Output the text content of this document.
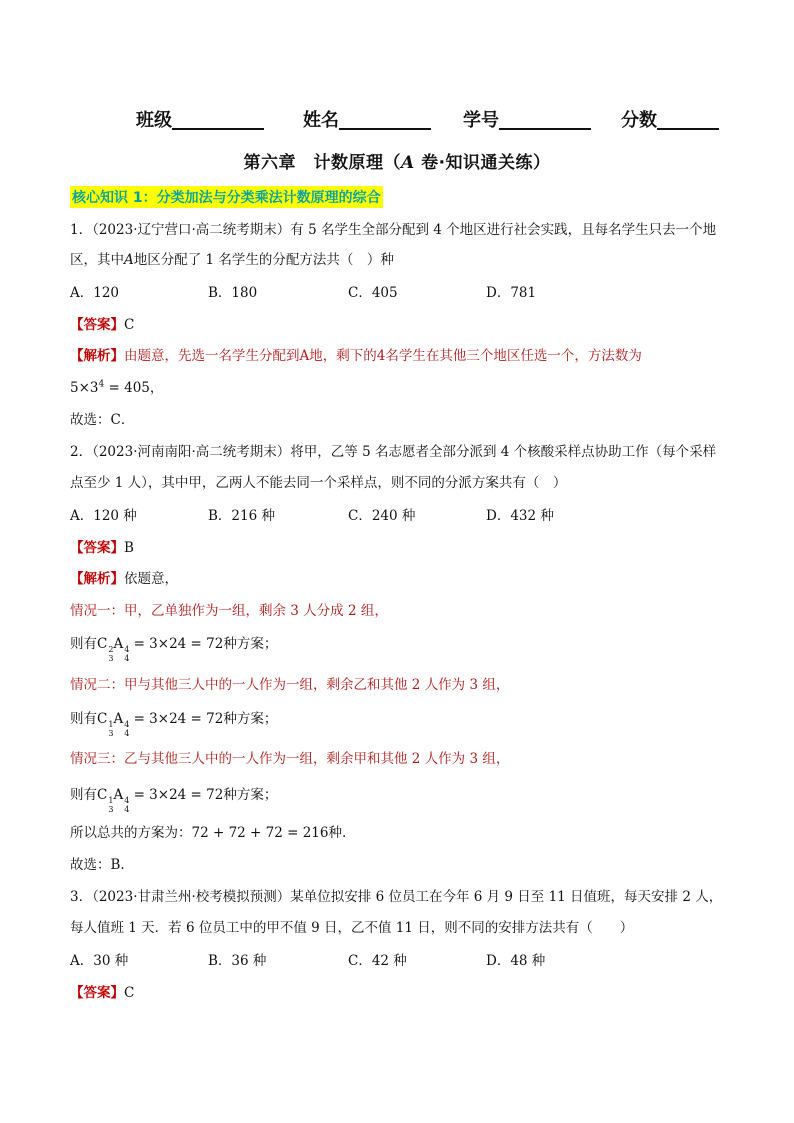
班级	姓名	学号	分数
第六章　计数原理（A 卷·知识通关练）
核心知识 1：分类加法与分类乘法计数原理的综合
1．（2023·辽宁营口·高二统考期末）有 5 名学生全部分配到 4 个地区进行社会实践，且每名学生只去一个地
区，其中A地区分配了 1 名学生的分配方法共（　）种
A．120	B．180	C．405	D．781
【答案】C
【解析】由题意，先选一名学生分配到A地，剩下的4名学生在其他三个地区任选一个，方法数为
$5\times 3^4 = 405$，
故选：C．
2．（2023·河南南阳·高二统考期末）将甲，乙等 5 名志愿者全部分派到 4 个核酸采样点协助工作（每个采样
点至少 1 人），其中甲，乙两人不能去同一个采样点，则不同的分派方案共有（　）
A．120 种	B．216 种	C．240 种	D．432 种
【答案】B
【解析】依题意，
情况一：甲，乙单独作为一组，剩余 3 人分成 2 组，
则有C 2
3
A 4
4
= 3×24 = 72种方案；
情况二：甲与其他三人中的一人作为一组，剩余乙和其他 2 人作为 3 组，
则有C 1
3
A 4
4
= 3×24 = 72种方案；
情况三：乙与其他三人中的一人作为一组，剩余甲和其他 2 人作为 3 组，
则有C 1
3
A 4
4
= 3×24 = 72种方案；
所以总共的方案为：72 + 72 + 72 = 216种.
故选：B.
3．（2023·甘肃兰州·校考模拟预测）某单位拟安排 6 位员工在今年 6 月 9 日至 11 日值班，每天安排 2 人，
每人值班 1 天．若 6 位员工中的甲不值 9 日，乙不值 11 日，则不同的安排方法共有（　　）
A．30 种	B．36 种	C．42 种	D．48 种
【答案】C
